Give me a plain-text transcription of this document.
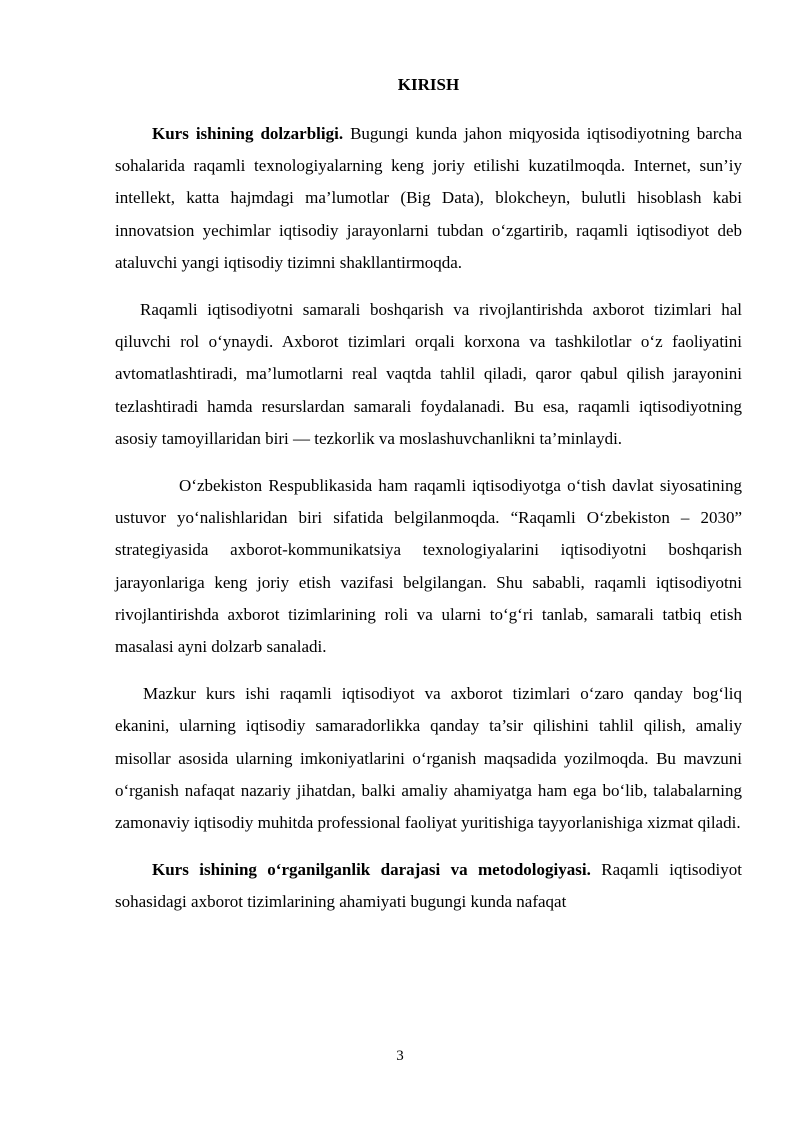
KIRISH

Kurs ishining dolzarbligi. Bugungi kunda jahon miqyosida iqtisodiyotning barcha sohalarida raqamli texnologiyalarning keng joriy etilishi kuzatilmoqda. Internet, sun’iy intellekt, katta hajmdagi ma’lumotlar (Big Data), blokcheyn, bulutli hisoblash kabi innovatsion yechimlar iqtisodiy jarayonlarni tubdan o‘zgartirib, raqamli iqtisodiyot deb ataluvchi yangi iqtisodiy tizimni shakllantirmoqda.

Raqamli iqtisodiyotni samarali boshqarish va rivojlantirishda axborot tizimlari hal qiluvchi rol o‘ynaydi. Axborot tizimlari orqali korxona va tashkilotlar o‘z faoliyatini avtomatlashtiradi, ma’lumotlarni real vaqtda tahlil qiladi, qaror qabul qilish jarayonini tezlashtiradi hamda resurslardan samarali foydalanadi. Bu esa, raqamli iqtisodiyotning asosiy tamoyillaridan biri — tezkorlik va moslashuvchanlikni ta’minlaydi.

O‘zbekiston Respublikasida ham raqamli iqtisodiyotga o‘tish davlat siyosatining ustuvor yo‘nalishlaridan biri sifatida belgilanmoqda. “Raqamli O‘zbekiston – 2030” strategiyasida axborot-kommunikatsiya texnologiyalarini iqtisodiyotni boshqarish jarayonlariga keng joriy etish vazifasi belgilangan. Shu sababli, raqamli iqtisodiyotni rivojlantirishda axborot tizimlarining roli va ularni to‘g‘ri tanlab, samarali tatbiq etish masalasi ayni dolzarb sanaladi.

Mazkur kurs ishi raqamli iqtisodiyot va axborot tizimlari o‘zaro qanday bog‘liq ekanini, ularning iqtisodiy samaradorlikka qanday ta’sir qilishini tahlil qilish, amaliy misollar asosida ularning imkoniyatlarini o‘rganish maqsadida yozilmoqda. Bu mavzuni o‘rganish nafaqat nazariy jihatdan, balki amaliy ahamiyatga ham ega bo‘lib, talabalarning zamonaviy iqtisodiy muhitda professional faoliyat yuritishiga tayyorlanishiga xizmat qiladi.

Kurs ishining o‘rganilganlik darajasi va metodologiyasi. Raqamli iqtisodiyot sohasidagi axborot tizimlarining ahamiyati bugungi kunda nafaqat

3
